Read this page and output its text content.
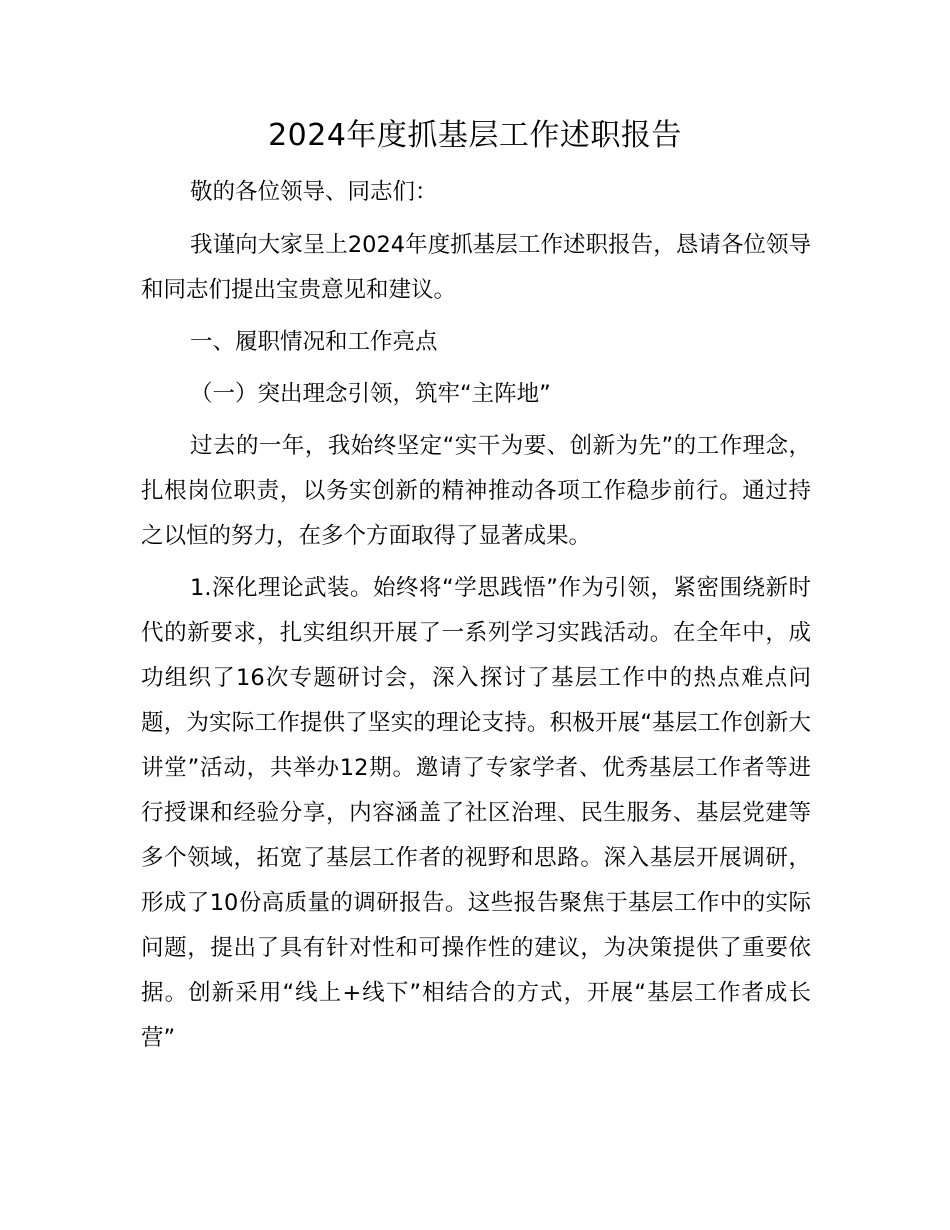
2024年度抓基层工作述职报告

敬的各位领导、同志们：

我谨向大家呈上2024年度抓基层工作述职报告，恳请各位领导和同志们提出宝贵意见和建议。

一、履职情况和工作亮点

（一）突出理念引领，筑牢“主阵地”

过去的一年，我始终坚定“实干为要、创新为先”的工作理念，扎根岗位职责，以务实创新的精神推动各项工作稳步前行。通过持之以恒的努力，在多个方面取得了显著成果。

1.深化理论武装。始终将“学思践悟”作为引领，紧密围绕新时代的新要求，扎实组织开展了一系列学习实践活动。在全年中，成功组织了16次专题研讨会，深入探讨了基层工作中的热点难点问题，为实际工作提供了坚实的理论支持。积极开展“基层工作创新大讲堂”活动，共举办12期。邀请了专家学者、优秀基层工作者等进行授课和经验分享，内容涵盖了社区治理、民生服务、基层党建等多个领域，拓宽了基层工作者的视野和思路。深入基层开展调研，形成了10份高质量的调研报告。这些报告聚焦于基层工作中的实际问题，提出了具有针对性和可操作性的建议，为决策提供了重要依据。创新采用“线上+线下”相结合的方式，开展“基层工作者成长营”
